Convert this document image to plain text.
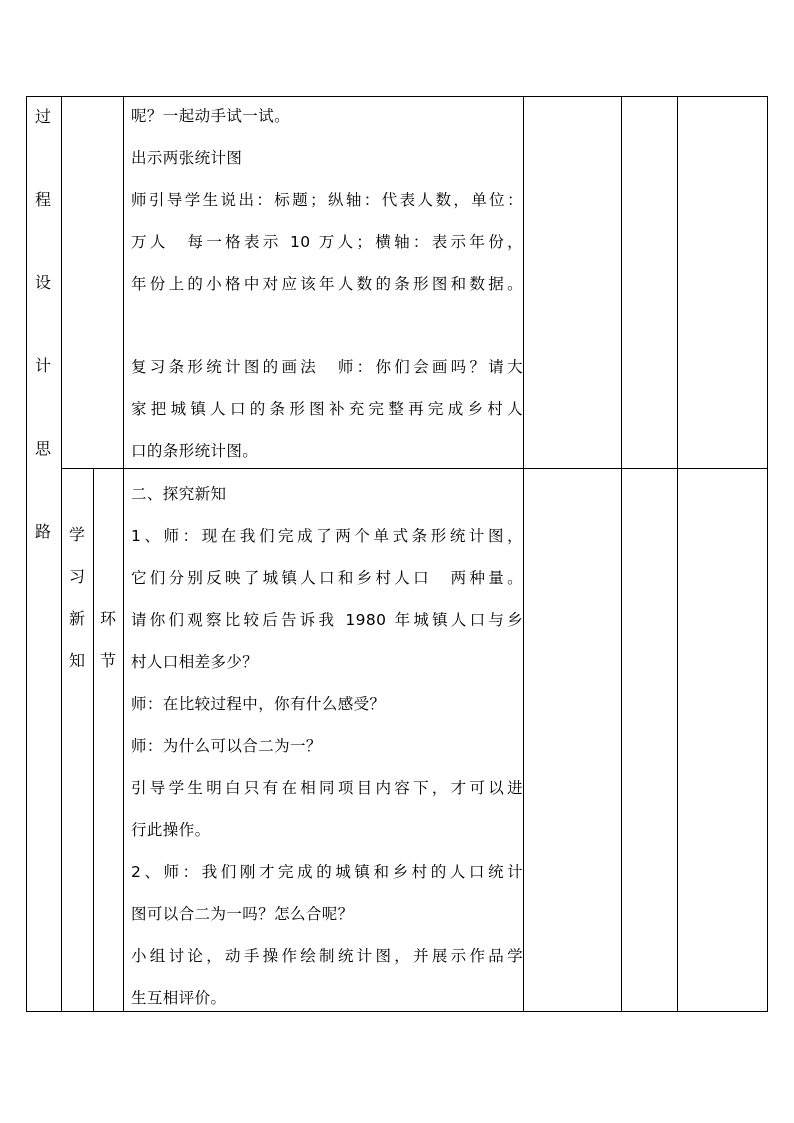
过
程
设
计
思
路	学
习
新
知
环
节
呢？一起动手试一试。
出示两张统计图
师引导学生说出：标题；纵轴：代表人数，单位：
万人　每一格表示 10 万人；横轴：表示年份，
年份上的小格中对应该年人数的条形图和数据。
复习条形统计图的画法　师：你们会画吗？请大
家把城镇人口的条形图补充完整再完成乡村人
口的条形统计图。
二、探究新知
1、师：现在我们完成了两个单式条形统计图，
它们分别反映了城镇人口和乡村人口　两种量。
请你们观察比较后告诉我 1980 年城镇人口与乡
村人口相差多少？
师：在比较过程中，你有什么感受？
师：为什么可以合二为一？
引导学生明白只有在相同项目内容下，才可以进
行此操作。
2、师：我们刚才完成的城镇和乡村的人口统计
图可以合二为一吗？怎么合呢？
小组讨论，动手操作绘制统计图，并展示作品学
生互相评价。
